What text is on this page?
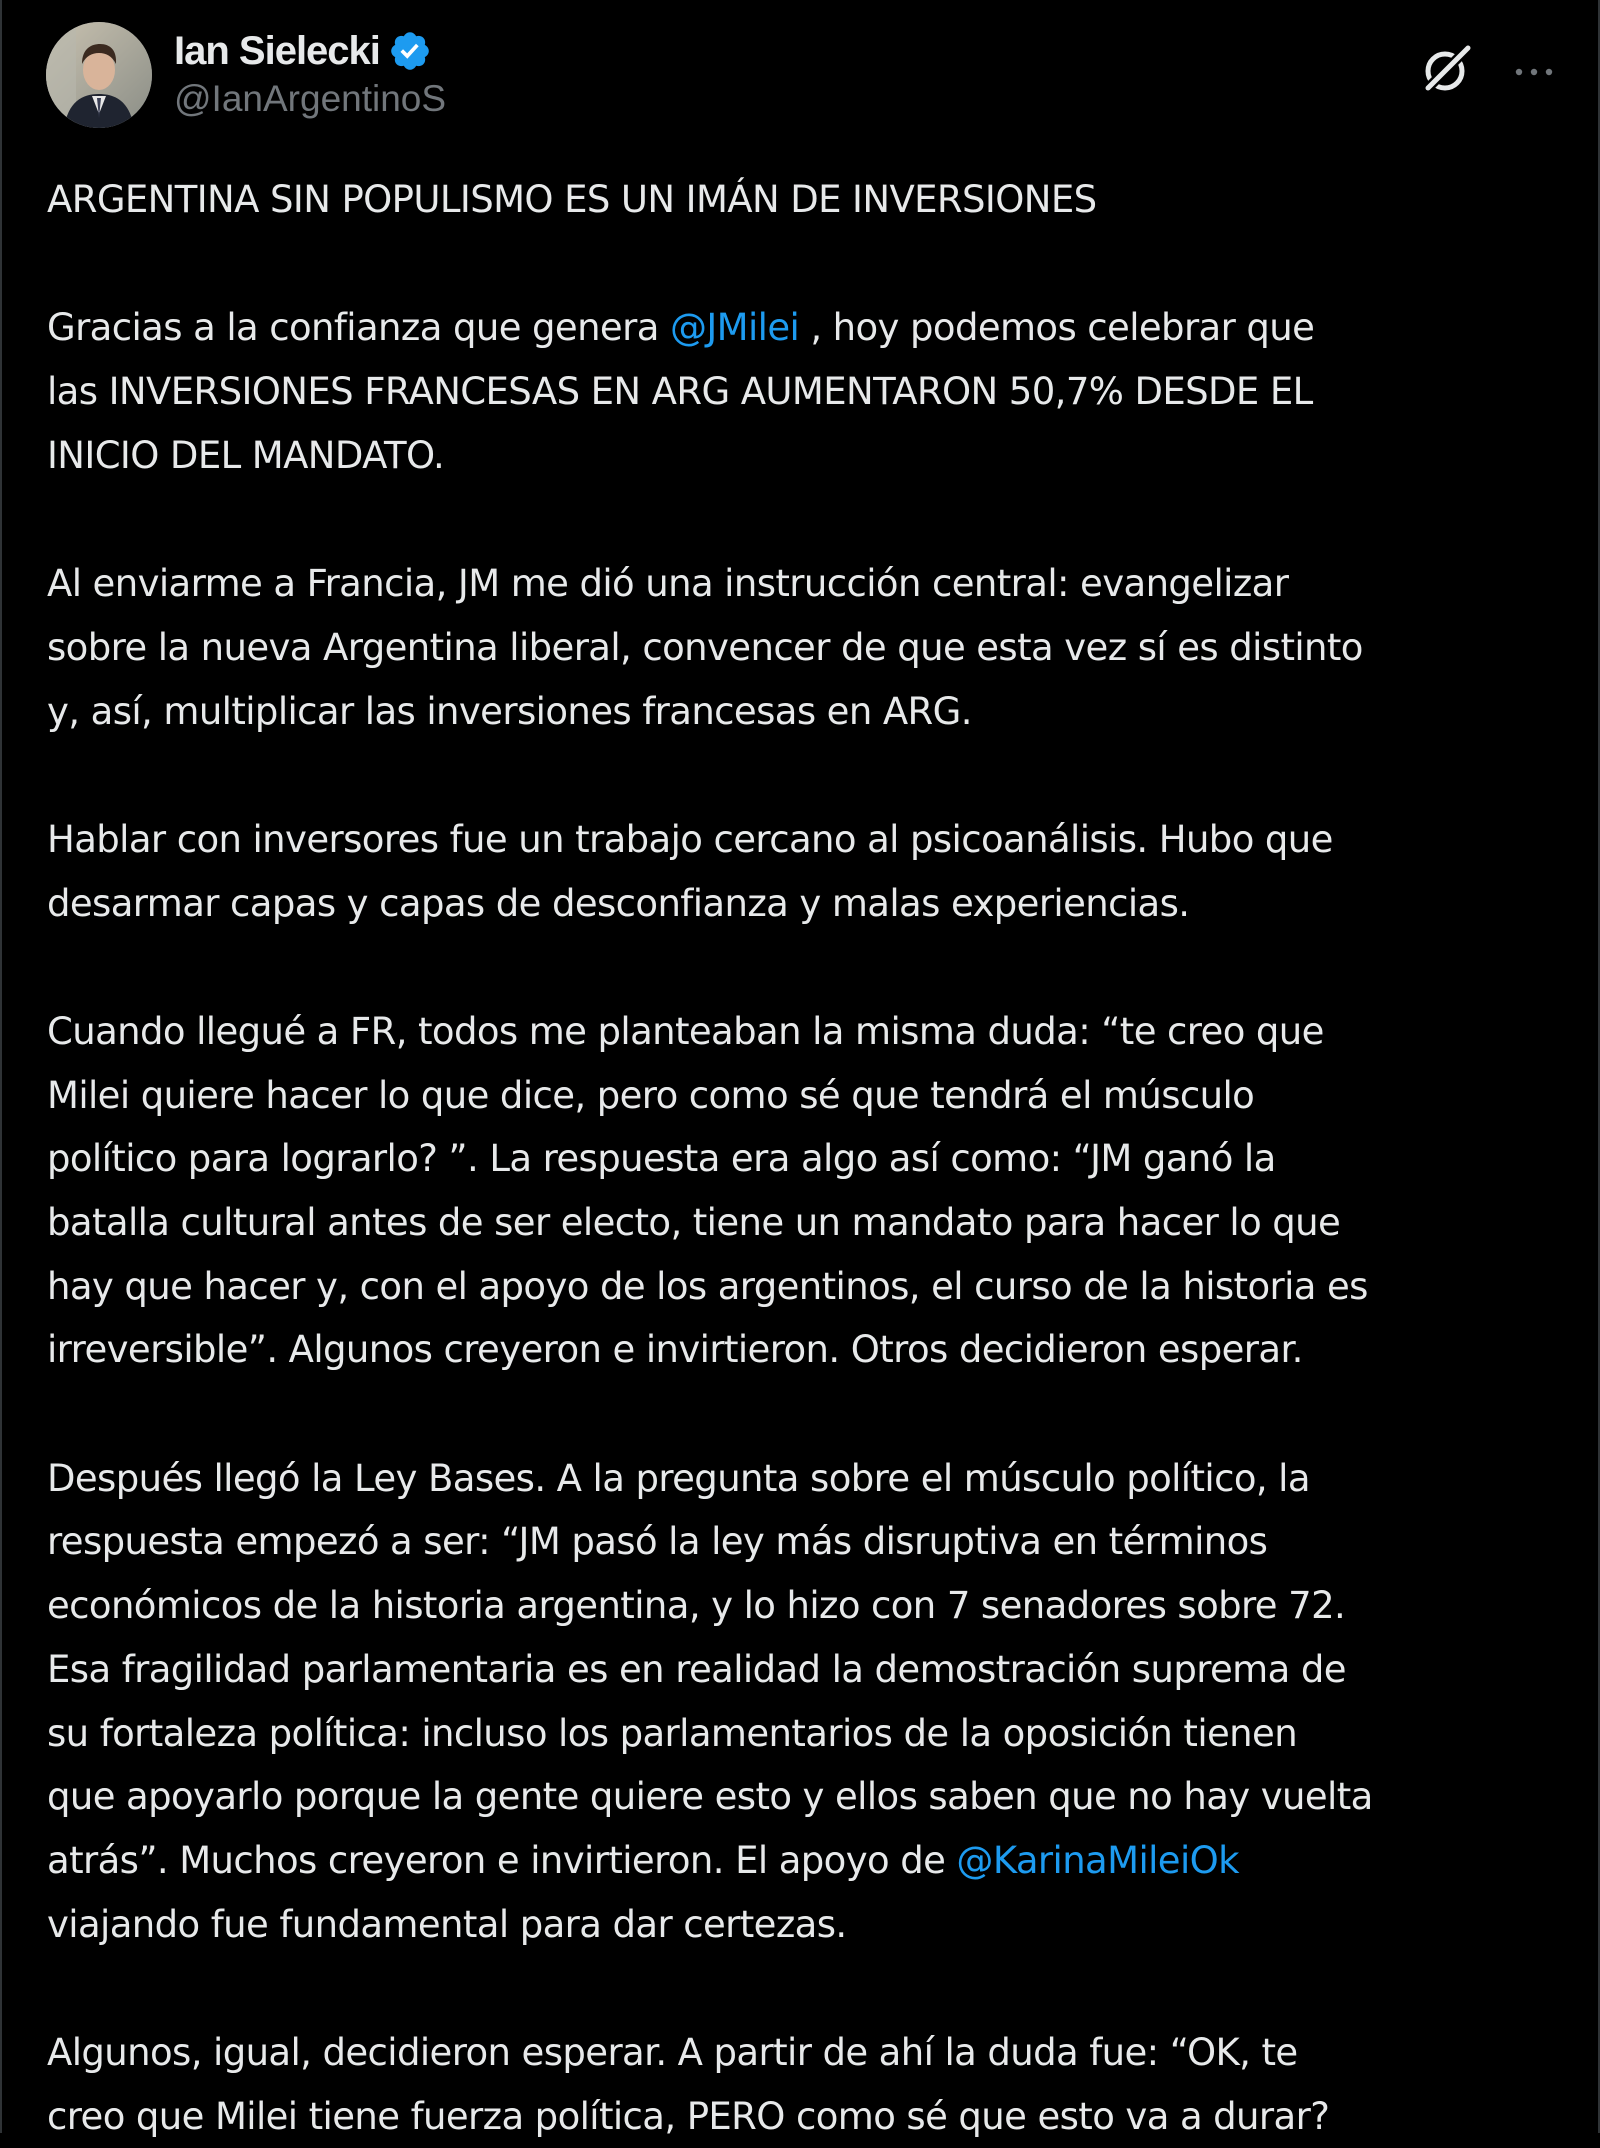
Ian Sielecki
@IanArgentinoS
ARGENTINA SIN POPULISMO ES UN IMÁN DE INVERSIONES
Gracias a la confianza que genera @JMilei , hoy podemos celebrar que
las INVERSIONES FRANCESAS EN ARG AUMENTARON 50,7% DESDE EL
INICIO DEL MANDATO.
Al enviarme a Francia, JM me dió una instrucción central: evangelizar
sobre la nueva Argentina liberal, convencer de que esta vez sí es distinto
y, así, multiplicar las inversiones francesas en ARG.
Hablar con inversores fue un trabajo cercano al psicoanálisis. Hubo que
desarmar capas y capas de desconfianza y malas experiencias.
Cuando llegué a FR, todos me planteaban la misma duda: “te creo que
Milei quiere hacer lo que dice, pero como sé que tendrá el músculo
político para lograrlo? ”. La respuesta era algo así como: “JM ganó la
batalla cultural antes de ser electo, tiene un mandato para hacer lo que
hay que hacer y, con el apoyo de los argentinos, el curso de la historia es
irreversible”. Algunos creyeron e invirtieron. Otros decidieron esperar.
Después llegó la Ley Bases. A la pregunta sobre el músculo político, la
respuesta empezó a ser: “JM pasó la ley más disruptiva en términos
económicos de la historia argentina, y lo hizo con 7 senadores sobre 72.
Esa fragilidad parlamentaria es en realidad la demostración suprema de
su fortaleza política: incluso los parlamentarios de la oposición tienen
que apoyarlo porque la gente quiere esto y ellos saben que no hay vuelta
atrás”. Muchos creyeron e invirtieron. El apoyo de @KarinaMileiOk
viajando fue fundamental para dar certezas.
Algunos, igual, decidieron esperar. A partir de ahí la duda fue: “OK, te
creo que Milei tiene fuerza política, PERO como sé que esto va a durar?
